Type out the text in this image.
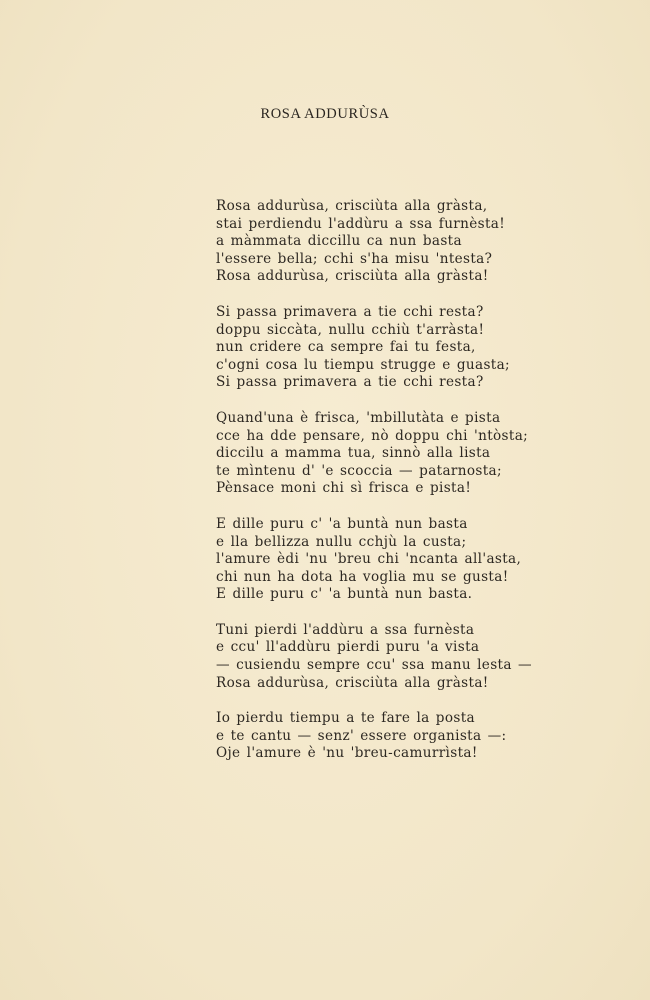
ROSA ADDURÙSA
Rosa addurùsa, crisciùta alla gràsta,
stai perdiendu l'addùru a ssa furnèsta!
a màmmata diccillu ca nun basta
l'essere bella; cchi s'ha misu 'ntesta?
Rosa addurùsa, crisciùta alla gràsta!
Si passa primavera a tie cchi resta?
doppu siccàta, nullu cchiù t'arràsta!
nun cridere ca sempre fai tu festa,
c'ogni cosa lu tiempu strugge e guasta;
Si passa primavera a tie cchi resta?
Quand'una è frisca, 'mbillutàta e pista
cce ha dde pensare, nò doppu chi 'ntòsta;
diccilu a mamma tua, sinnò alla lista
te mìntenu d' 'e scoccia — patarnosta;
Pènsace moni chi sì frisca e pista!
E dille puru c' 'a buntà nun basta
e lla bellizza nullu cchjù la custa;
l'amure èdi 'nu 'breu chi 'ncanta all'asta,
chi nun ha dota ha voglia mu se gusta!
E dille puru c' 'a buntà nun basta.
Tuni pierdi l'addùru a ssa furnèsta
e ccu' ll'addùru pierdi puru 'a vista
— cusiendu sempre ccu' ssa manu lesta —
Rosa addurùsa, crisciùta alla gràsta!
Io pierdu tiempu a te fare la posta
e te cantu — senz' essere organista —:
Oje l'amure è 'nu 'breu-camurrìsta!
